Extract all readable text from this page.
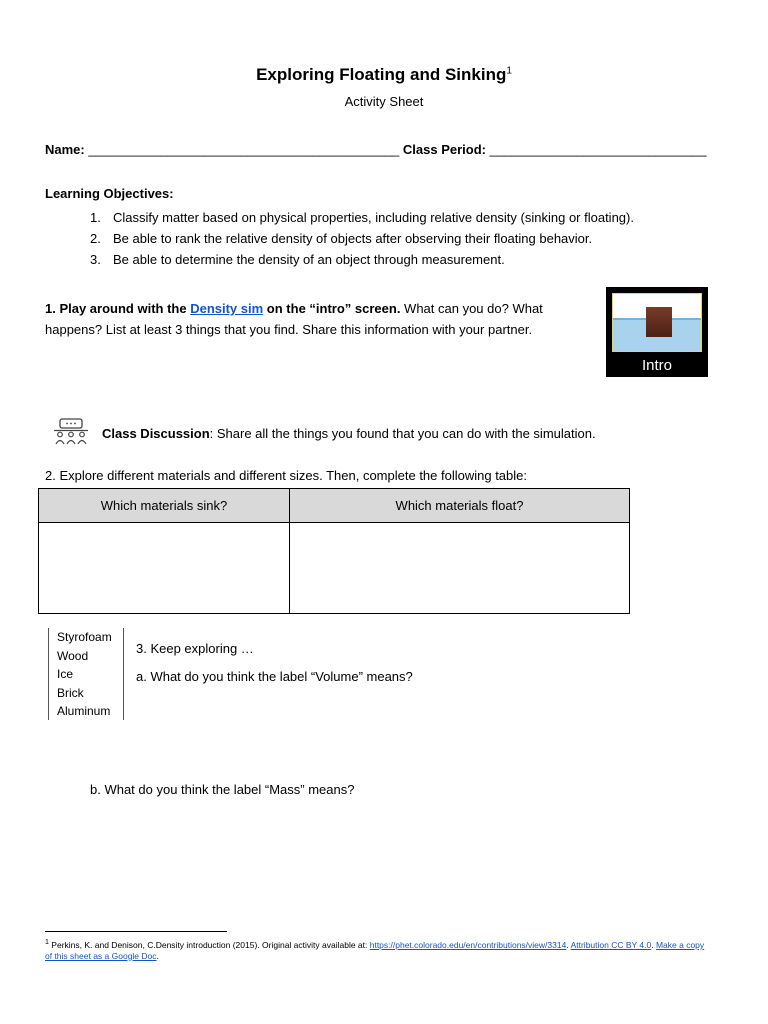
Exploring Floating and Sinking$^1$
Activity Sheet
Name: ___________________________________________ Class Period: ______________________________
Learning Objectives:
1. Classify matter based on physical properties, including relative density (sinking or floating).
2. Be able to rank the relative density of objects after observing their floating behavior.
3. Be able to determine the density of an object through measurement.
1. Play around with the Density sim on the “intro” screen. What can you do? What happens? List at least 3 things that you find. Share this information with your partner.
Intro
Class Discussion: Share all the things you found that you can do with the simulation.
2. Explore different materials and different sizes. Then, complete the following table:
Which materials sink?	Which materials float?

Styrofoam
Wood
Ice
Brick
Aluminum
3. Keep exploring …
a. What do you think the label “Volume” means?
b. What do you think the label “Mass” means?
$^1$ Perkins, K. and Denison, C.Density introduction (2015). Original activity available at: https://phet.colorado.edu/en/contributions/view/3314. Attribution CC BY 4.0. Make a copy of this sheet as a Google Doc.
